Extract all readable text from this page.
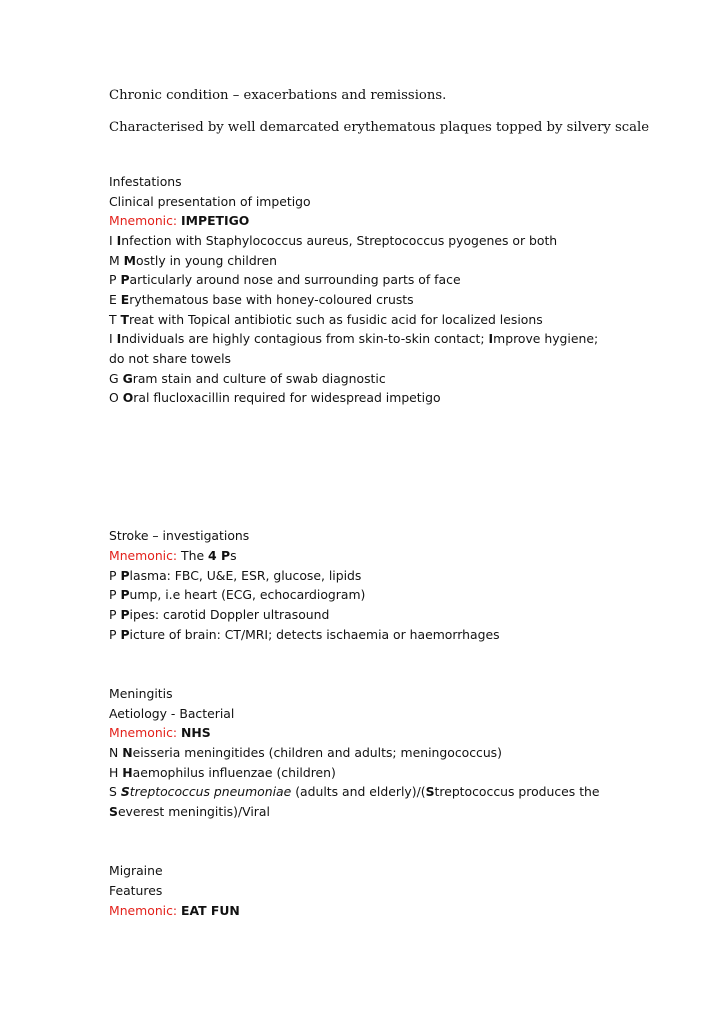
Chronic condition – exacerbations and remissions.
Characterised by well demarcated erythematous plaques topped by silvery scale
Infestations
Clinical presentation of impetigo
Mnemonic: IMPETIGO
I Infection with Staphylococcus aureus, Streptococcus pyogenes or both
M Mostly in young children
P Particularly around nose and surrounding parts of face
E Erythematous base with honey-coloured crusts
T Treat with Topical antibiotic such as fusidic acid for localized lesions
I Individuals are highly contagious from skin-to-skin contact; Improve hygiene;
do not share towels
G Gram stain and culture of swab diagnostic
O Oral flucloxacillin required for widespread impetigo
Stroke – investigations
Mnemonic: The 4 Ps
P Plasma: FBC, U&E, ESR, glucose, lipids
P Pump, i.e heart (ECG, echocardiogram)
P Pipes: carotid Doppler ultrasound
P Picture of brain: CT/MRI; detects ischaemia or haemorrhages
Meningitis
Aetiology - Bacterial
Mnemonic: NHS
N Neisseria meningitides (children and adults; meningococcus)
H Haemophilus influenzae (children)
S Streptococcus pneumoniae (adults and elderly)/(Streptococcus produces the
Severest meningitis)/Viral
Migraine
Features
Mnemonic: EAT FUN
